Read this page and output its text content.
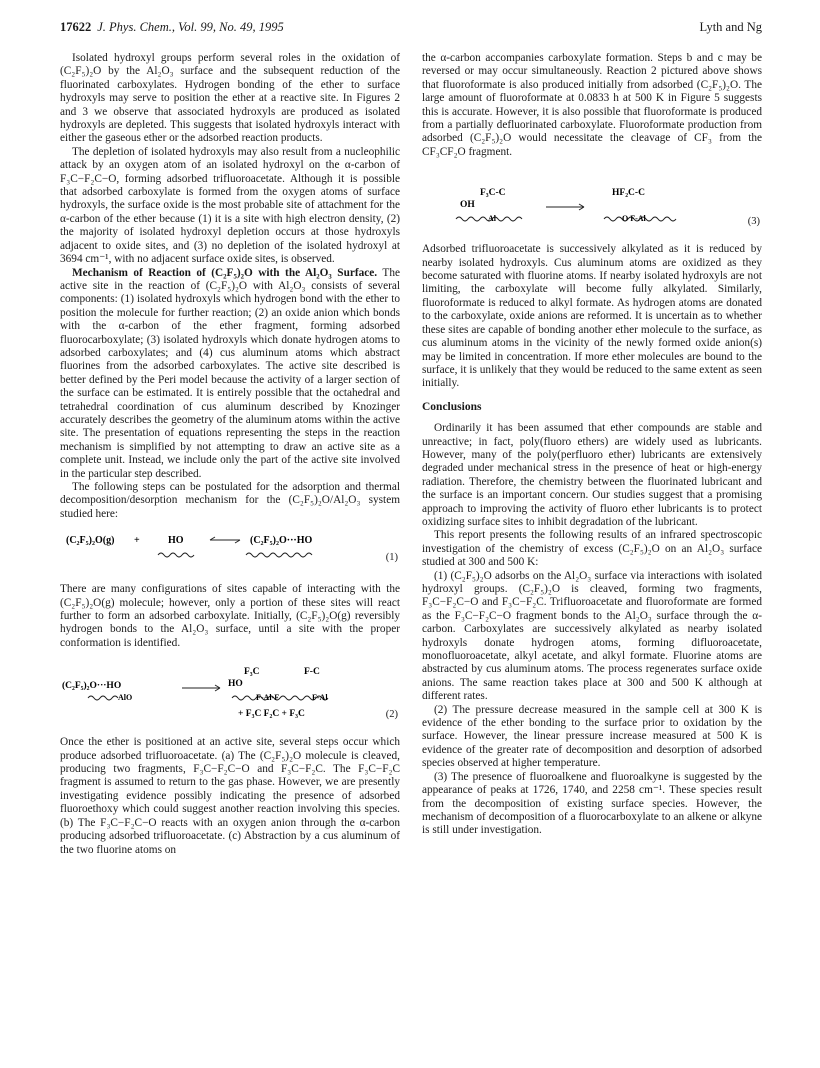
17622 J. Phys. Chem., Vol. 99, No. 49, 1995	Lyth and Ng

Isolated hydroxyl groups perform several roles in the oxidation of (C₂F₅)₂O by the Al₂O₃ surface and the subsequent reduction of the fluorinated carboxylates. Hydrogen bonding of the ether to surface hydroxyls may serve to position the ether at a reactive site. In Figures 2 and 3 we observe that associated hydroxyls are produced as isolated hydroxyls are depleted. This suggests that isolated hydroxyls interact with either the gaseous ether or the adsorbed reaction products.

The depletion of isolated hydroxyls may also result from a nucleophilic attack by an oxygen atom of an isolated hydroxyl on the α-carbon of F₃C−F₂C−O, forming adsorbed trifluoroacetate. Although it is possible that adsorbed carboxylate is formed from the oxygen atoms of surface hydroxyls, the surface oxide is the most probable site of attachment for the α-carbon of the ether because (1) it is a site with high electron density, (2) the majority of isolated hydroxyl depletion occurs at those hydroxyls adjacent to oxide sites, and (3) no depletion of the isolated hydroxyl at 3694 cm⁻¹, with no adjacent surface oxide sites, is observed.

Mechanism of Reaction of (C₂F₅)₂O with the Al₂O₃ Surface. The active site in the reaction of (C₂F₅)₂O with Al₂O₃ consists of several components: (1) isolated hydroxyls which hydrogen bond with the ether to position the molecule for further reaction; (2) an oxide anion which bonds with the α-carbon of the ether fragment, forming adsorbed fluorocarboxylate; (3) isolated hydroxyls which donate hydrogen atoms to adsorbed carboxylates; and (4) cus aluminum atoms which abstract fluorines from the adsorbed carboxylates. The active site described is better defined by the Peri model because the activity of a larger section of the surface can be estimated. It is entirely possible that the octahedral and tetrahedral coordination of cus aluminum described by Knozinger accurately describes the geometry of the aluminum atoms within the active site. The presentation of equations representing the steps in the reaction mechanism is simplified by not attempting to draw an active site as a complete unit. Instead, we include only the part of the active site involved in the particular step described.

The following steps can be postulated for the adsorption and thermal decomposition/desorption mechanism for the (C₂F₅)₂O/Al₂O₃ system studied here:

(C₂F₅)₂O(g) +	HO	(C₂F₅)₂O···HO
(1)

There are many configurations of sites capable of interacting with the (C₂F₅)₂O(g) molecule; however, only a portion of these sites will react further to form an adsorbed carboxylate. Initially, (C₂F₅)₂O(g) reversibly hydrogen bonds to the Al₂O₃ surface, until a site with the proper conformation is identified.

(C₂F₅)₂O···HO
AlO
HO
F₃C	F-C
F-Al-F	F-Al
+ F₃C F₂C + F₃C	(2)

Once the ether is positioned at an active site, several steps occur which produce adsorbed trifluoroacetate. (a) The (C₂F₅)₂O molecule is cleaved, producing two fragments, F₃C−F₂C−O and F₃C−F₂C. The F₃C−F₂C fragment is assumed to return to the gas phase. However, we are presently investigating evidence possibly indicating the presence of adsorbed fluoroethoxy which could suggest another reaction involving this species. (b) The F₃C−F₂C−O reacts with an oxygen anion through the α-carbon producing adsorbed trifluoroacetate. (c) Abstraction by a cus aluminum of the two fluorine atoms on

the α-carbon accompanies carboxylate formation. Steps b and c may be reversed or may occur simultaneously. Reaction 2 pictured above shows that fluoroformate is also produced initially from adsorbed (C₂F₅)₂O. The large amount of fluoroformate at 0.0833 h at 500 K in Figure 5 suggests this is accurate. However, it is also possible that fluoroformate is produced from a partially defluorinated carboxylate. Fluoroformate production from adsorbed (C₂F₅)₂O would necessitate the cleavage of CF₃ from the CF₃CF₂O fragment.

OH
F₃C-C
Al
HF₂C-C
O F-Al	(3)

Adsorbed trifluoroacetate is successively alkylated as it is reduced by nearby isolated hydroxyls. Cus aluminum atoms are oxidized as they become saturated with fluorine atoms. If nearby isolated hydroxyls are not limiting, the carboxylate will become fully alkylated. Similarly, fluoroformate is reduced to alkyl formate. As hydrogen atoms are donated to the carboxylate, oxide anions are reformed. It is uncertain as to whether these sites are capable of bonding another ether molecule to the surface, as cus aluminum atoms in the vicinity of the newly formed oxide anion(s) may be limited in concentration. If more ether molecules are bound to the surface, it is unlikely that they would be reduced to the same extent as seen initially.

Conclusions

Ordinarily it has been assumed that ether compounds are stable and unreactive; in fact, poly(fluoro ethers) are widely used as lubricants. However, many of the poly(perfluoro ether) lubricants are extensively degraded under mechanical stress in the presence of heat or high-energy radiation. Therefore, the chemistry between the fluorinated lubricant and the surface is an important concern. Our studies suggest that a promising approach to improving the activity of fluoro ether lubricants is to protect oxidizing surface sites to inhibit degradation of the lubricant.

This report presents the following results of an infrared spectroscopic investigation of the chemistry of excess (C₂F₅)₂O on an Al₂O₃ surface studied at 300 and 500 K:

(1) (C₂F₅)₂O adsorbs on the Al₂O₃ surface via interactions with isolated hydroxyl groups. (C₂F₅)₂O is cleaved, forming two fragments, F₃C−F₂C−O and F₃C−F₂C. Trifluoroacetate and fluoroformate are formed as the F₃C−F₂C−O fragment bonds to the Al₂O₃ surface through the α-carbon. Carboxylates are successively alkylated as nearby isolated hydroxyls donate hydrogen atoms, forming difluoroacetate, monofluoroacetate, alkyl acetate, and alkyl formate. Fluorine atoms are abstracted by cus aluminum atoms. The process regenerates surface oxide anions. The same reaction takes place at 300 and 500 K although at different rates.

(2) The pressure decrease measured in the sample cell at 300 K is evidence of the ether bonding to the surface prior to oxidation by the surface. However, the linear pressure increase measured at 500 K is evidence of the greater rate of decomposition and desorption of adsorbed species observed at higher temperature.

(3) The presence of fluoroalkene and fluoroalkyne is suggested by the appearance of peaks at 1726, 1740, and 2258 cm⁻¹. These species result from the decomposition of existing surface species. However, the mechanism of decomposition of a fluorocarboxylate to an alkene or alkyne is still under investigation.
